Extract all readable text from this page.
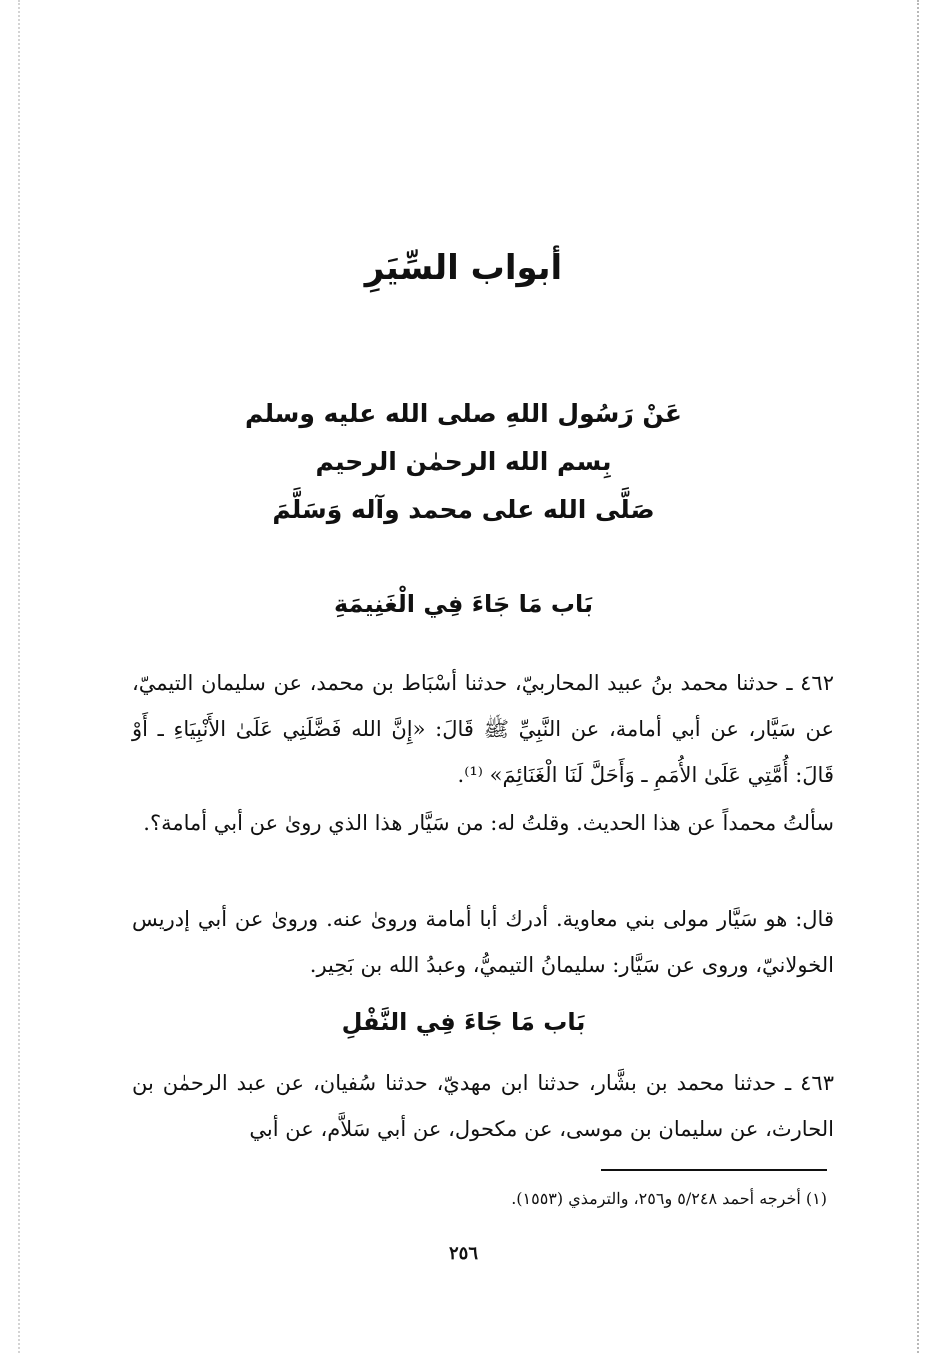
أبواب السِّيَرِ
عَنْ رَسُول اللهِ صلى الله عليه وسلم
بِسم الله الرحمٰن الرحيم
صَلَّى الله على محمد وآله وَسَلَّمَ
بَاب مَا جَاءَ فِي الْغَنِيمَةِ

٤٦٢ ـ حدثنا محمد بنُ عبيد المحاربيّ، حدثنا أسْبَاط بن محمد، عن سليمان التيميّ، عن سَيَّار، عن أبي أمامة، عن النَّبِيِّ ﷺ قَالَ: «إِنَّ الله فَضَّلَنِي عَلَىٰ الأَنْبِيَاءِ ـ أَوْ قَالَ: أُمَّتِي عَلَىٰ الأُمَمِ ـ وَأَحَلَّ لَنَا الْغَنَائِمَ» ⁽¹⁾.

سألتُ محمداً عن هذا الحديث. وقلتُ له: من سَيَّار هذا الذي روىٰ عن أبي أمامة؟.

قال: هو سَيَّار مولى بني معاوية. أدرك أبا أمامة وروىٰ عنه. وروىٰ عن أبي إدريس الخولانيّ، وروى عن سَيَّار: سليمانُ التيميُّ، وعبدُ الله بن بَحِير.

بَاب مَا جَاءَ فِي النَّفْلِ

٤٦٣ ـ حدثنا محمد بن بشَّار، حدثنا ابن مهديّ، حدثنا سُفيان، عن عبد الرحمٰن بن الحارث، عن سليمان بن موسى، عن مكحول، عن أبي سَلاَّم، عن أبي

(١) أخرجه أحمد ٥/٢٤٨ و٢٥٦، والترمذي (١٥٥٣).

٢٥٦
